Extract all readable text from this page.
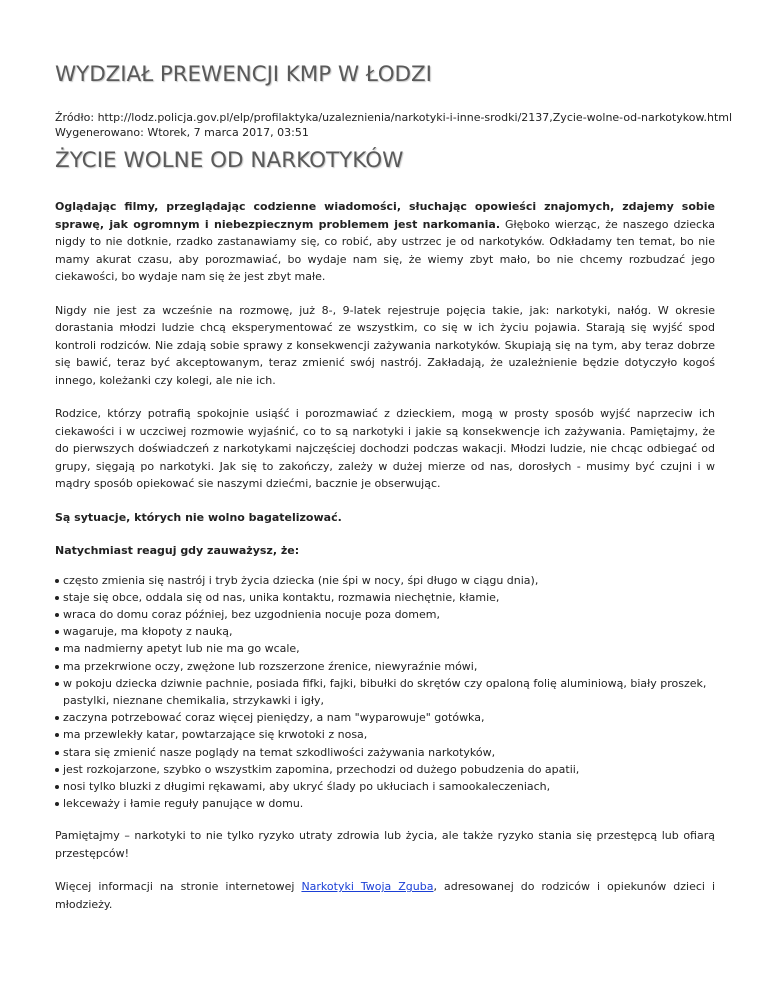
WYDZIAŁ PREWENCJI KMP W ŁODZI
Źródło: http://lodz.policja.gov.pl/elp/profilaktyka/uzaleznienia/narkotyki-i-inne-srodki/2137,Zycie-wolne-od-narkotykow.html
Wygenerowano: Wtorek, 7 marca 2017, 03:51
ŻYCIE WOLNE OD NARKOTYKÓW

Oglądając filmy, przeglądając codzienne wiadomości, słuchając opowieści znajomych, zdajemy sobie sprawę, jak ogromnym i niebezpiecznym problemem jest narkomania. Głęboko wierząc, że naszego dziecka nigdy to nie dotknie, rzadko zastanawiamy się, co robić, aby ustrzec je od narkotyków. Odkładamy ten temat, bo nie mamy akurat czasu, aby porozmawiać, bo wydaje nam się, że wiemy zbyt mało, bo nie chcemy rozbudzać jego ciekawości, bo wydaje nam się że jest zbyt małe.

Nigdy nie jest za wcześnie na rozmowę, już 8-, 9-latek rejestruje pojęcia takie, jak: narkotyki, nałóg. W okresie dorastania młodzi ludzie chcą eksperymentować ze wszystkim, co się w ich życiu pojawia. Starają się wyjść spod kontroli rodziców. Nie zdają sobie sprawy z konsekwencji zażywania narkotyków. Skupiają się na tym, aby teraz dobrze się bawić, teraz być akceptowanym, teraz zmienić swój nastrój. Zakładają, że uzależnienie będzie dotyczyło kogoś innego, koleżanki czy kolegi, ale nie ich.

Rodzice, którzy potrafią spokojnie usiąść i porozmawiać z dzieckiem, mogą w prosty sposób wyjść naprzeciw ich ciekawości i w uczciwej rozmowie wyjaśnić, co to są narkotyki i jakie są konsekwencje ich zażywania. Pamiętajmy, że do pierwszych doświadczeń z narkotykami najczęściej dochodzi podczas wakacji. Młodzi ludzie, nie chcąc odbiegać od grupy, sięgają po narkotyki. Jak się to zakończy, zależy w dużej mierze od nas, dorosłych - musimy być czujni i w mądry sposób opiekować sie naszymi dziećmi, bacznie je obserwując.

Są sytuacje, których nie wolno bagatelizować.

Natychmiast reaguj gdy zauważysz, że:

często zmienia się nastrój i tryb życia dziecka (nie śpi w nocy, śpi długo w ciągu dnia),
staje się obce, oddala się od nas, unika kontaktu, rozmawia niechętnie, kłamie,
wraca do domu coraz później, bez uzgodnienia nocuje poza domem,
wagaruje, ma kłopoty z nauką,
ma nadmierny apetyt lub nie ma go wcale,
ma przekrwione oczy, zwężone lub rozszerzone źrenice, niewyraźnie mówi,
w pokoju dziecka dziwnie pachnie, posiada fifki, fajki, bibułki do skrętów czy opaloną folię aluminiową, biały proszek, pastylki, nieznane chemikalia, strzykawki i igły,
zaczyna potrzebować coraz więcej pieniędzy, a nam "wyparowuje" gotówka,
ma przewlekły katar, powtarzające się krwotoki z nosa,
stara się zmienić nasze poglądy na temat szkodliwości zażywania narkotyków,
jest rozkojarzone, szybko o wszystkim zapomina, przechodzi od dużego pobudzenia do apatii,
nosi tylko bluzki z długimi rękawami, aby ukryć ślady po ukłuciach i samookaleczeniach,
lekceważy i łamie reguły panujące w domu.

Pamiętajmy – narkotyki to nie tylko ryzyko utraty zdrowia lub życia, ale także ryzyko stania się przestępcą lub ofiarą przestępców!

Więcej informacji na stronie internetowej Narkotyki Twoja Zguba, adresowanej do rodziców i opiekunów dzieci i młodzieży.
